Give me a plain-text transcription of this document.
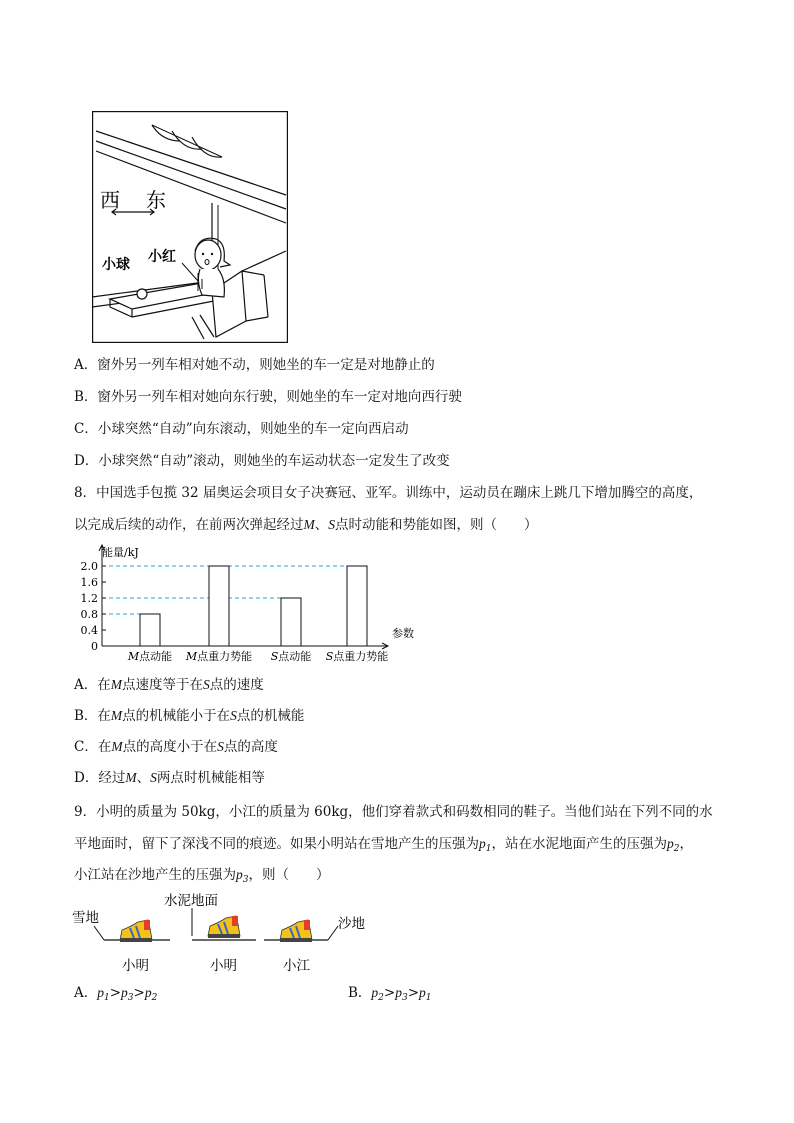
西 东
小球 小红
A．窗外另一列车相对她不动，则她坐的车一定是对地静止的
B．窗外另一列车相对她向东行驶，则她坐的车一定对地向西行驶
C．小球突然“自动”向东滚动，则她坐的车一定向西启动
D．小球突然“自动”滚动，则她坐的车运动状态一定发生了改变
8．中国选手包揽 32 届奥运会项目女子决赛冠、亚军。训练中，运动员在蹦床上跳几下增加腾空的高度，
以完成后续的动作，在前两次弹起经过M、S点时动能和势能如图，则（　　）
能量/kJ
参数
0
0.4
0.8
1.2
1.6
2.0
M点动能 M点重力势能 S点动能 S点重力势能
A．在M点速度等于在S点的速度
B．在M点的机械能小于在S点的机械能
C．在M点的高度小于在S点的高度
D．经过M、S两点时机械能相等
9．小明的质量为 50kg，小江的质量为 60kg，他们穿着款式和码数相同的鞋子。当他们站在下列不同的水
平地面时，留下了深浅不同的痕迹。如果小明站在雪地产生的压强为$p_1$，站在水泥地面产生的压强为$p_2$，
小江站在沙地产生的压强为$p_3$，则（　　）
雪地
水泥地面
沙地
小明	小明	小江
A．$p_1>p_3>p_2$	B．$p_2>p_3>p_1$
